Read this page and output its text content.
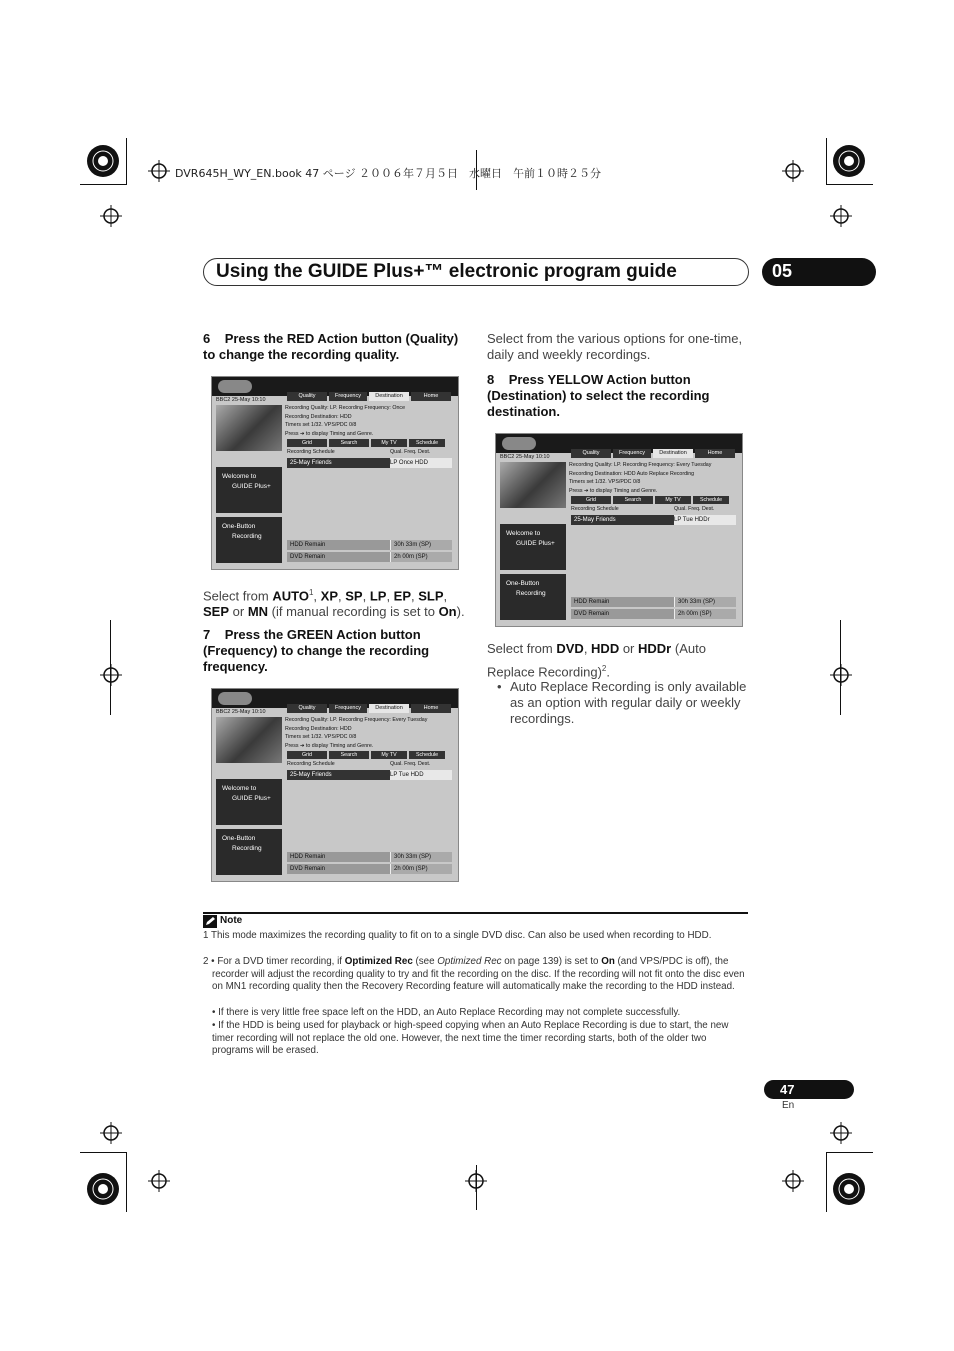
DVR645H_WY_EN.book 47 ページ ２００６年７月５日　水曜日　午前１０時２５分
Using the GUIDE Plus+™ electronic program guide	05
6 Press the RED Action button (Quality) to change the recording quality.
Quality	Frequency	Destination	Home
BBC2 25-May 10:10
Welcome to
GUIDE Plus+
One-Button
Recording
Recording Quality: LP. Recording Frequency: Once
Recording Destination: HDD
Timers set 1/32. VPS/PDC 0/8
Press ➔ to display Timing and Genre.
Grid	Search	My TV	Schedule
Recording Schedule	Qual. Freq. Dest.
25-May Friends	LP Once HDD
HDD Remain	30h 33m (SP)
DVD Remain	2h 00m (SP)
Select from AUTO$^1$, XP, SP, LP, EP, SLP, SEP or MN (if manual recording is set to On).
7 Press the GREEN Action button (Frequency) to change the recording frequency.
Quality	Frequency	Destination	Home
BBC2 25-May 10:10
Welcome to
GUIDE Plus+
One-Button
Recording
Recording Quality: LP. Recording Frequency: Every Tuesday
Recording Destination: HDD
Timers set 1/32. VPS/PDC 0/8
Press ➔ to display Timing and Genre.
Grid	Search	My TV	Schedule
Recording Schedule	Qual. Freq. Dest.
25-May Friends	LP Tue HDD
HDD Remain	30h 33m (SP)
DVD Remain	2h 00m (SP)
Select from the various options for one-time, daily and weekly recordings.
8 Press YELLOW Action button (Destination) to select the recording destination.
Quality	Frequency	Destination	Home
BBC2 25-May 10:10
Welcome to
GUIDE Plus+
One-Button
Recording
Recording Quality: LP. Recording Frequency: Every Tuesday
Recording Destination: HDD Auto Replace Recording
Timers set 1/32. VPS/PDC 0/8
Press ➔ to display Timing and Genre.
Grid	Search	My TV	Schedule
Recording Schedule	Qual. Freq. Dest.
25-May Friends	LP Tue HDDr
HDD Remain	30h 33m (SP)
DVD Remain	2h 00m (SP)
Select from DVD, HDD or HDDr (Auto Replace Recording)$^2$.
• Auto Replace Recording is only available as an option with regular daily or weekly recordings.
Note
1 This mode maximizes the recording quality to fit on to a single DVD disc. Can also be used when recording to HDD.
2 • For a DVD timer recording, if Optimized Rec (see Optimized Rec on page 139) is set to On (and VPS/PDC is off), the recorder will adjust the recording quality to try and fit the recording on the disc. If the recording will not fit onto the disc even on MN1 recording quality then the Recovery Recording feature will automatically make the recording to the HDD instead.
• If there is very little free space left on the HDD, an Auto Replace Recording may not complete successfully.
• If the HDD is being used for playback or high-speed copying when an Auto Replace Recording is due to start, the new timer recording will not replace the old one. However, the next time the timer recording starts, both of the older two programs will be erased.
47
En
